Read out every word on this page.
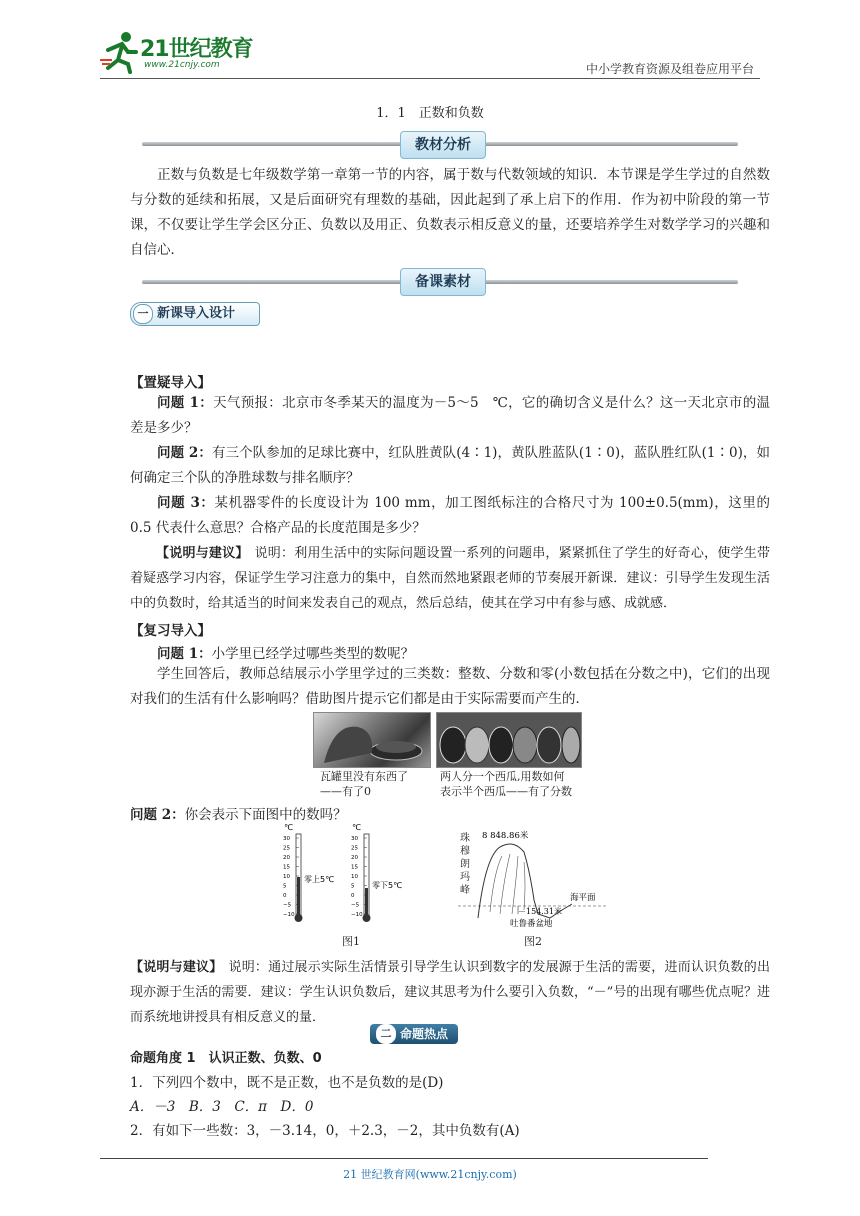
21世纪教育
www.21cnjy.com	中小学教育资源及组卷应用平台
1．1　正数和负数
教材分析
正数与负数是七年级数学第一章第一节的内容，属于数与代数领域的知识．本节课是学生学过的自然数与分数的延续和拓展，又是后面研究有理数的基础，因此起到了承上启下的作用．作为初中阶段的第一节课，不仅要让学生学会区分正、负数以及用正、负数表示相反意义的量，还要培养学生对数学学习的兴趣和自信心．
备课素材
一 新课导入设计
【置疑导入】
问题 1：天气预报：北京市冬季某天的温度为－5～5　℃，它的确切含义是什么？这一天北京市的温差是多少？
问题 2：有三个队参加的足球比赛中，红队胜黄队(4∶1)，黄队胜蓝队(1∶0)，蓝队胜红队(1∶0)，如何确定三个队的净胜球数与排名顺序？
问题 3：某机器零件的长度设计为 100 mm，加工图纸标注的合格尺寸为 100±0.5(mm)，这里的 0.5 代表什么意思？合格产品的长度范围是多少？
【说明与建议】 说明：利用生活中的实际问题设置一系列的问题串，紧紧抓住了学生的好奇心，使学生带着疑惑学习内容，保证学生学习注意力的集中，自然而然地紧跟老师的节奏展开新课．建议：引导学生发现生活中的负数时，给其适当的时间来发表自己的观点，然后总结，使其在学习中有参与感、成就感．
【复习导入】
问题 1：小学里已经学过哪些类型的数呢？
学生回答后，教师总结展示小学里学过的三类数：整数、分数和零(小数包括在分数之中)，它们的出现对我们的生活有什么影响吗？借助图片提示它们都是由于实际需要而产生的．
瓦罐里没有东西了
——有了0
两人分一个西瓜,用数如何
表示半个西瓜——有了分数
问题 2：你会表示下面图中的数吗？
℃	℃
零上5℃
零下5℃
30
25
20
15
10
5
0
−5
−10
30
25
20
15
10
5
0
−5
−10
图1
8 848.86米
－154.31米
吐鲁番盆地
海平面
珠穆朗玛峰
图2
【说明与建议】 说明：通过展示实际生活情景引导学生认识到数字的发展源于生活的需要，进而认识负数的出现亦源于生活的需要．建议：学生认识负数后，建议其思考为什么要引入负数，“－”号的出现有哪些优点呢？进而系统地讲授具有相反意义的量．
二 命题热点
命题角度 1　认识正数、负数、0
1．下列四个数中，既不是正数，也不是负数的是(D)
A．－3　B．3　C．π　D．0
2．有如下一些数：3，－3.14，0，＋2.3，－2，其中负数有(A)
21 世纪教育网(www.21cnjy.com)
